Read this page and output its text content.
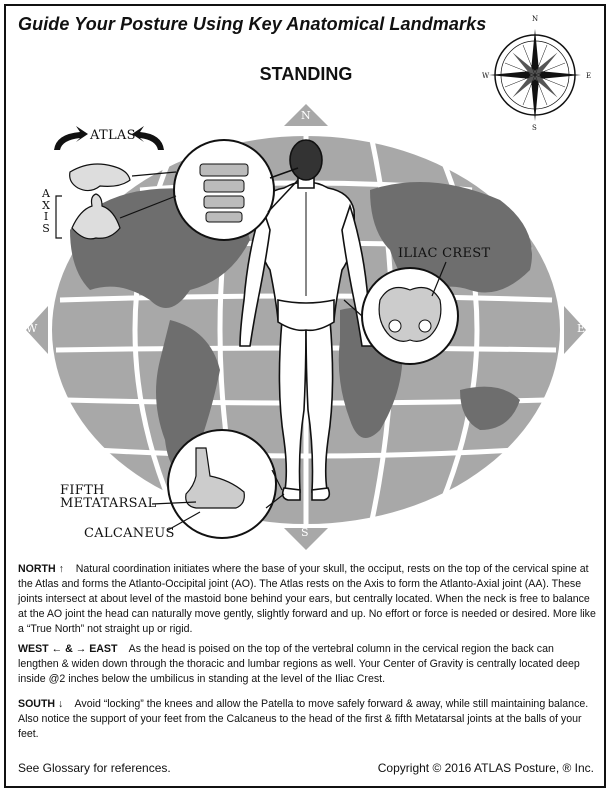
Guide Your Posture Using Key Anatomical Landmarks
STANDING
N
S
W	E
N
S
W	E
ATLAS
A
X
I
S
ILIAC CREST
FIFTH
METATARSAL
CALCANEUS
NORTH ↑ Natural coordination initiates where the base of your skull, the occiput, rests on the top of the cervical spine at the Atlas and forms the Atlanto-Occipital joint (AO). The Atlas rests on the Axis to form the Atlanto-Axial joint (AA). These joints intersect at about level of the mastoid bone behind your ears, but centrally located. When the neck is free to balance at the AO joint the head can naturally move gently, slightly forward and up. No effort or force is needed or desired. More like a “True North” not straight up or rigid.
WEST ← & → EAST As the head is poised on the top of the vertebral column in the cervical region the back can lengthen & widen down through the thoracic and lumbar regions as well. Your Center of Gravity is centrally located deep inside @2 inches below the umbilicus in standing at the level of the Iliac Crest.
SOUTH ↓ Avoid “locking” the knees and allow the Patella to move safely forward & away, while still maintaining balance. Also notice the support of your feet from the Calcaneus to the head of the first & fifth Metatarsal joints at the balls of your feet.
See Glossary for references.	Copyright © 2016 ATLAS Posture, ® Inc.
